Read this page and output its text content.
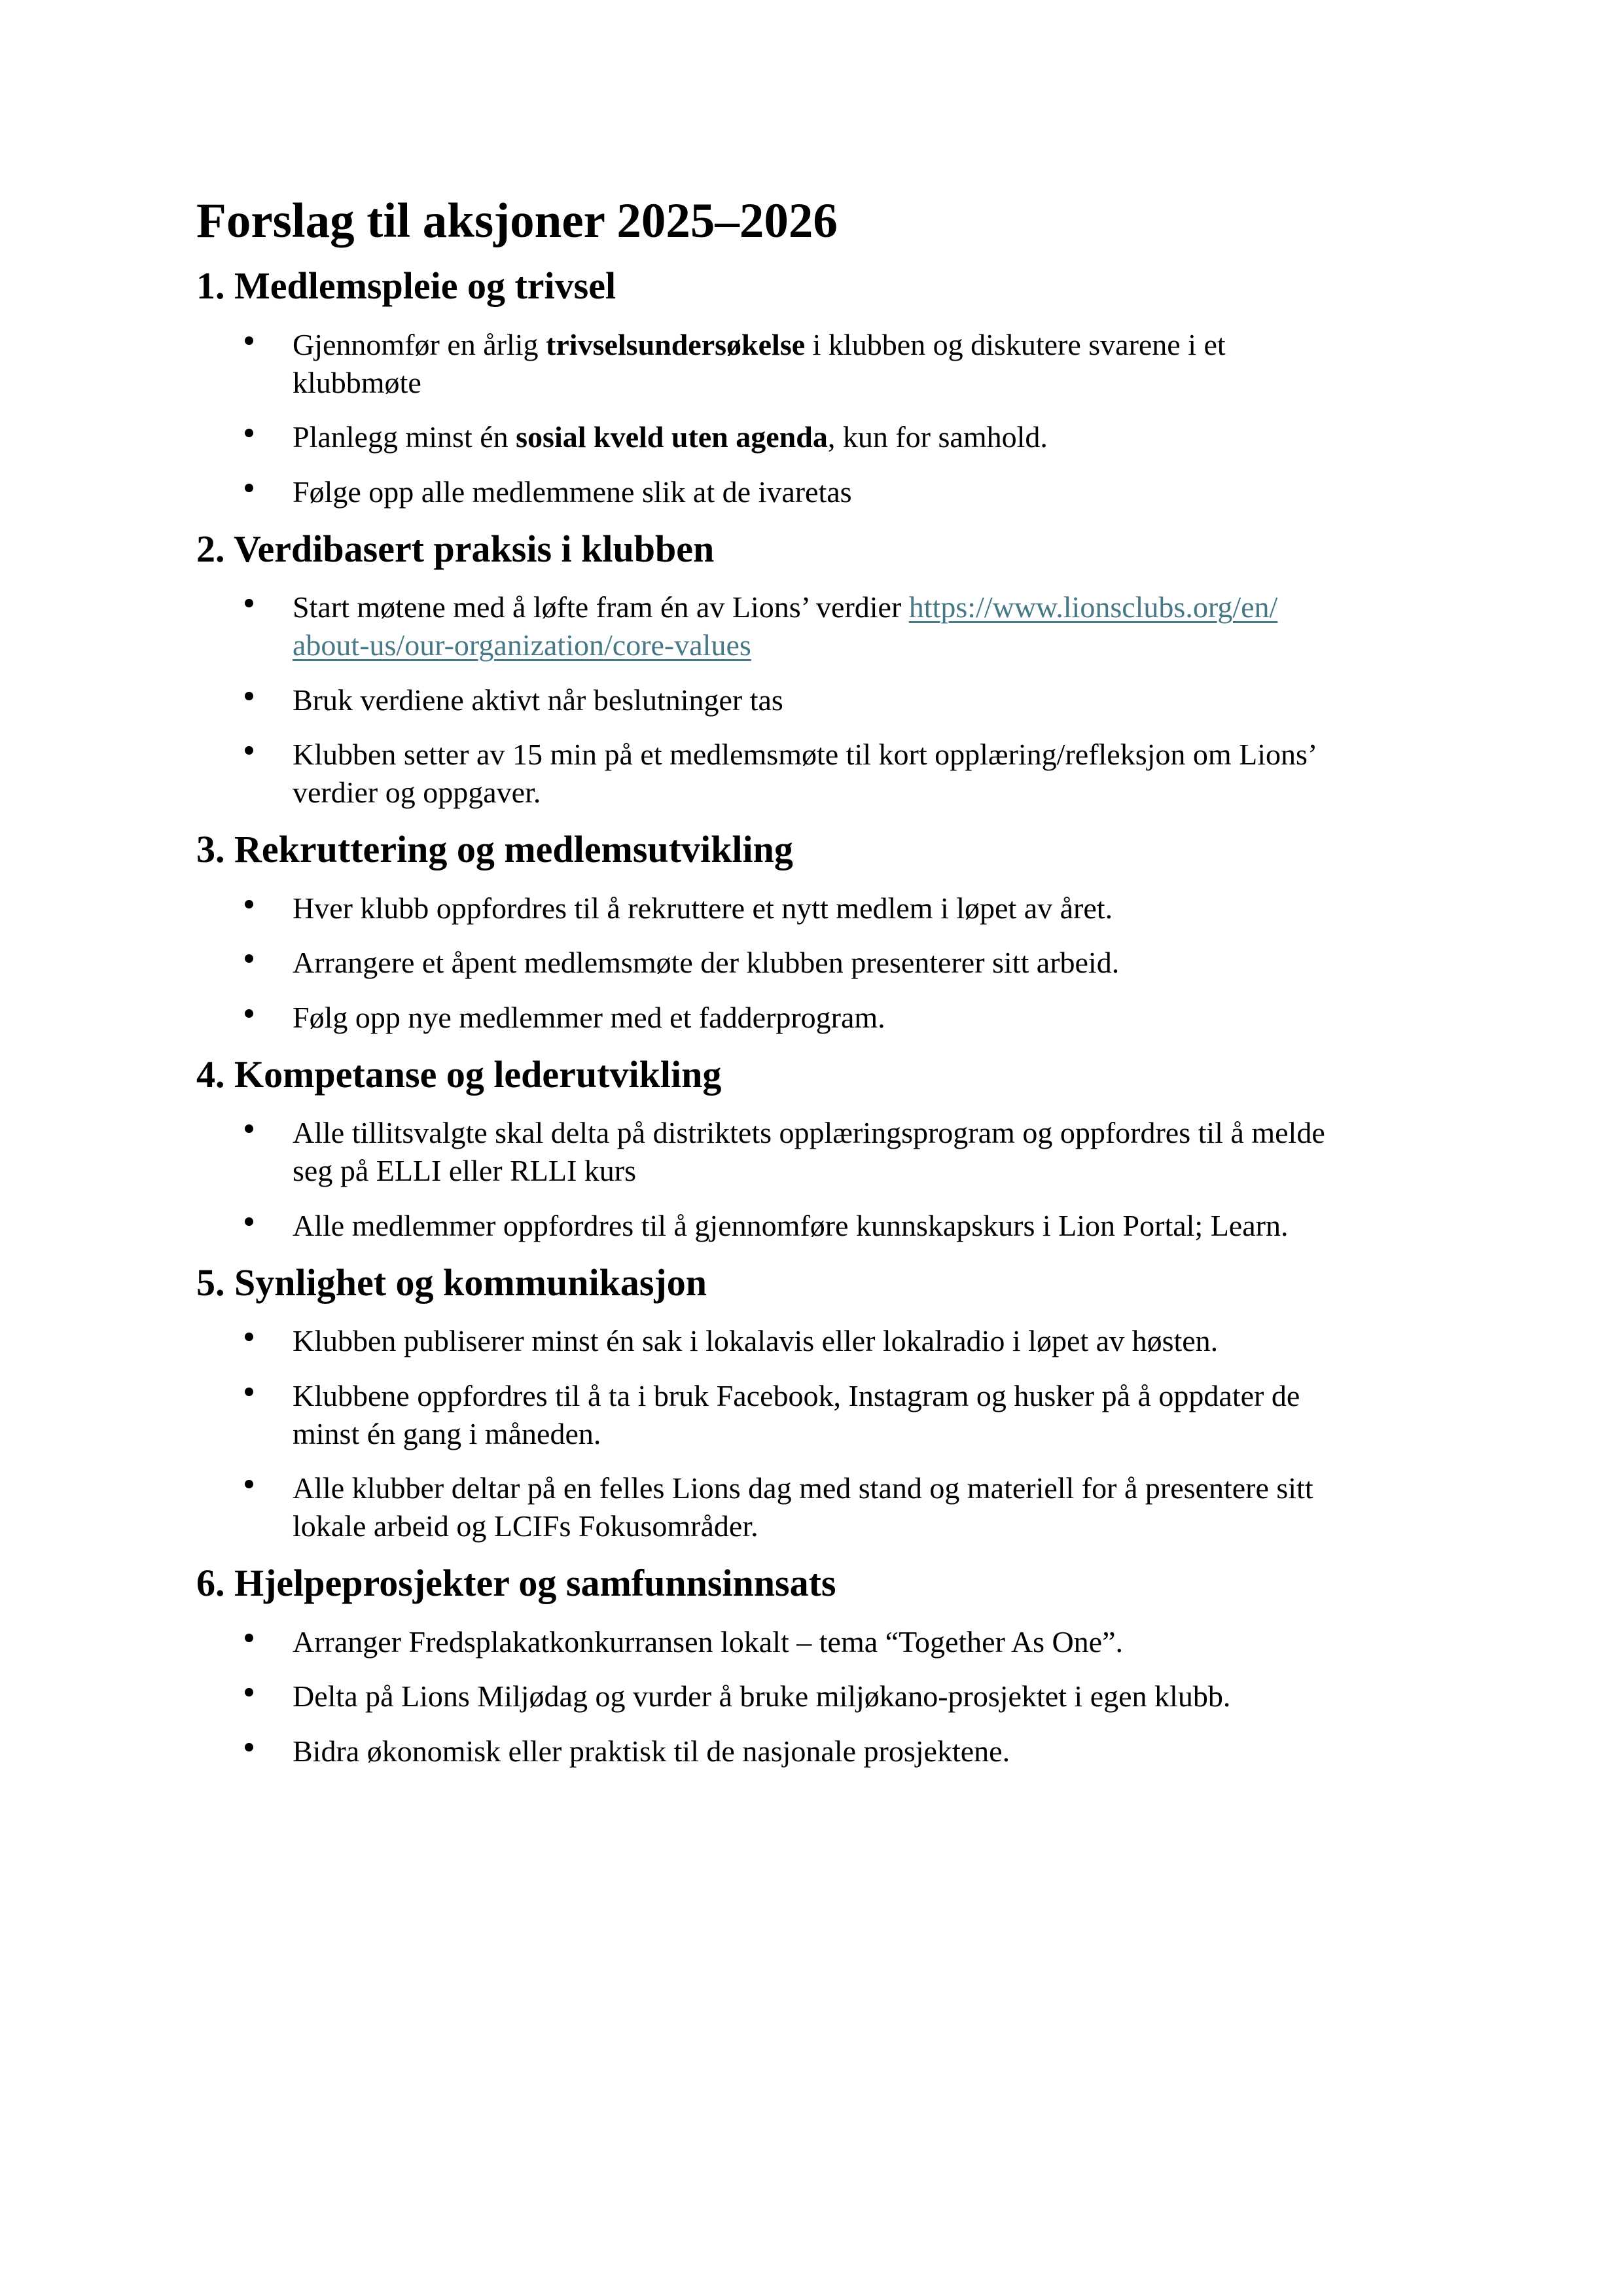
Forslag til aksjoner 2025–2026
1. Medlemspleie og trivsel
Gjennomfør en årlig trivselsundersøkelse i klubben og diskutere svarene i et
klubbmøte
Planlegg minst én sosial kveld uten agenda, kun for samhold.
Følge opp alle medlemmene slik at de ivaretas
2. Verdibasert praksis i klubben
Start møtene med å løfte fram én av Lions’ verdier https://www.lionsclubs.org/en/
about-us/our-organization/core-values
Bruk verdiene aktivt når beslutninger tas
Klubben setter av 15 min på et medlemsmøte til kort opplæring/refleksjon om Lions’
verdier og oppgaver.
3. Rekruttering og medlemsutvikling
Hver klubb oppfordres til å rekruttere et nytt medlem i løpet av året.
Arrangere et åpent medlemsmøte der klubben presenterer sitt arbeid.
Følg opp nye medlemmer med et fadderprogram.
4. Kompetanse og lederutvikling
Alle tillitsvalgte skal delta på distriktets opplæringsprogram og oppfordres til å melde
seg på ELLI eller RLLI kurs
Alle medlemmer oppfordres til å gjennomføre kunnskapskurs i Lion Portal; Learn.
5. Synlighet og kommunikasjon
Klubben publiserer minst én sak i lokalavis eller lokalradio i løpet av høsten.
Klubbene oppfordres til å ta i bruk Facebook, Instagram og husker på å oppdater de
minst én gang i måneden.
Alle klubber deltar på en felles Lions dag med stand og materiell for å presentere sitt
lokale arbeid og LCIFs Fokusområder.
6. Hjelpeprosjekter og samfunnsinnsats
Arranger Fredsplakatkonkurransen lokalt – tema “Together As One”.
Delta på Lions Miljødag og vurder å bruke miljøkano-prosjektet i egen klubb.
Bidra økonomisk eller praktisk til de nasjonale prosjektene.
